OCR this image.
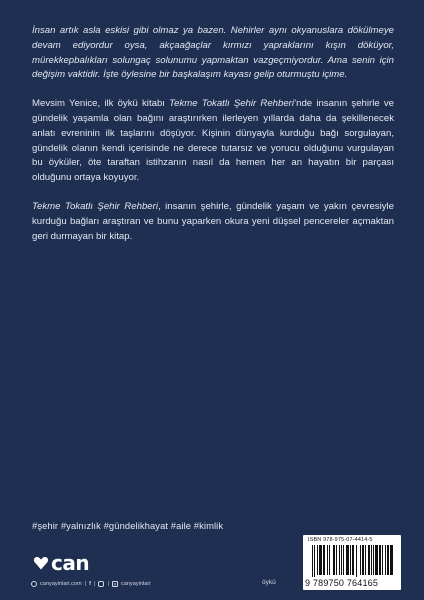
İnsan artık asla eskisi gibi olmaz ya bazen. Nehirler aynı okyanuslarа dökülmeye devam ediyordur oysa, akçaağaçlar kırmızı yapraklarını kışın döküyor, mürekkepbalıkları solungaç solunumu yapmaktan vazgeçmiyordur. Ama senin için değişim vaktidir. İşte öylesine bir başkalaşım kayası gelip oturmuştu içime.

Mevsim Yenice, ilk öykü kitabı Tekme Tokatlı Şehir Rehberi’nde insanın şehirle ve gündelik yaşamla olan bağını araştırırken ilerleyen yıllarda daha da şekillenecek anlatı evreninin ilk taşlarını döşüyor. Kişinin dünyayla kurduğu bağı sorgulayan, gündelik olanın kendi içerisinde ne derece tutarsız ve yorucu olduğunu vurgulayan bu öyküler, öte taraftan istihzanın nasıl da hemen her an hayatın bir parçası olduğunu ortaya koyuyor.

Tekme Tokatlı Şehir Rehberi, insanın şehirle, gündelik yaşam ve yakın çevresiyle kurduğu bağları araştıran ve bunu yaparken okura yeni düşsel pencereler açmaktan geri durmayan bir kitap.

#şehir #yalnızlık #gündelikhayat #aile #kimlik
can
canyayinlari.com | f | | ✕ canyayinlari	öykü
ISBN 978-975-07-4414-5
9 789750 764165
